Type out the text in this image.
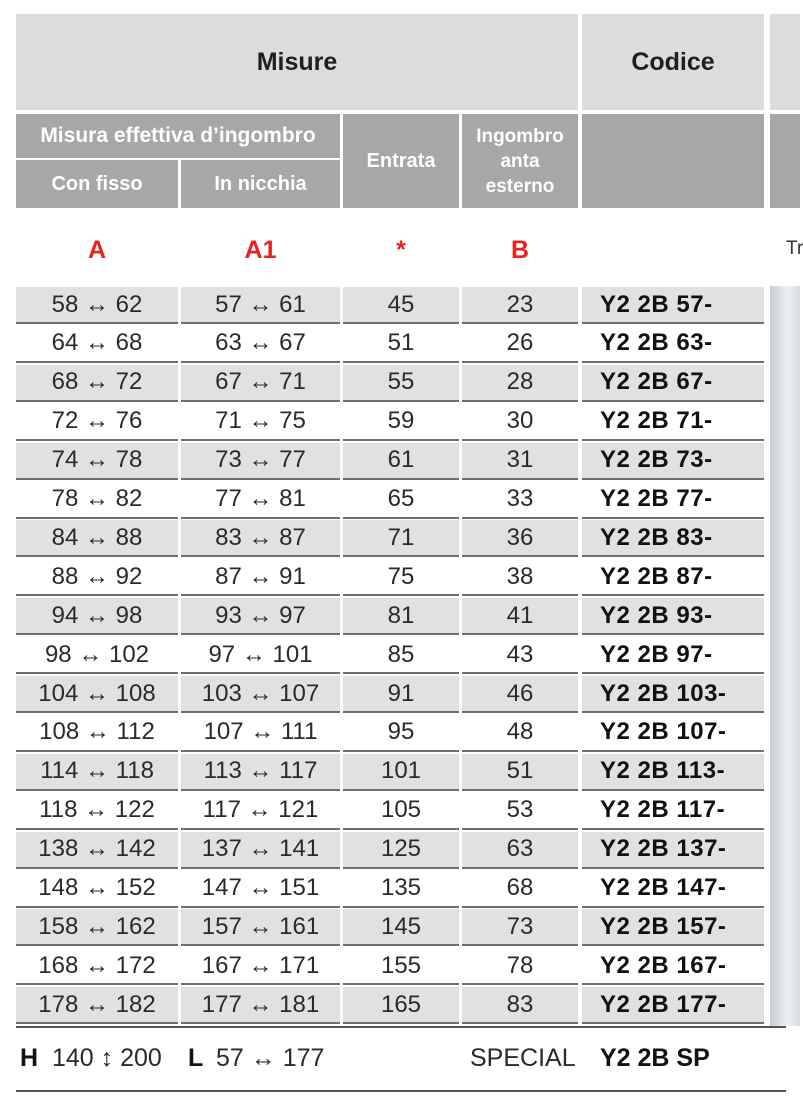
Misure	Codice
Misura effettiva d’ingombro
Con fisso	In nicchia
Entrata
Ingombro anta esterno
A	A1	*	B	Tr
58 ↔ 62	57 ↔ 61	45	23	Y2 2B 57-
64 ↔ 68	63 ↔ 67	51	26	Y2 2B 63-
68 ↔ 72	67 ↔ 71	55	28	Y2 2B 67-
72 ↔ 76	71 ↔ 75	59	30	Y2 2B 71-
74 ↔ 78	73 ↔ 77	61	31	Y2 2B 73-
78 ↔ 82	77 ↔ 81	65	33	Y2 2B 77-
84 ↔ 88	83 ↔ 87	71	36	Y2 2B 83-
88 ↔ 92	87 ↔ 91	75	38	Y2 2B 87-
94 ↔ 98	93 ↔ 97	81	41	Y2 2B 93-
98 ↔ 102	97 ↔ 101	85	43	Y2 2B 97-
104 ↔ 108	103 ↔ 107	91	46	Y2 2B 103-
108 ↔ 112	107 ↔ 111	95	48	Y2 2B 107-
114 ↔ 118	113 ↔ 117	101	51	Y2 2B 113-
118 ↔ 122	117 ↔ 121	105	53	Y2 2B 117-
138 ↔ 142	137 ↔ 141	125	63	Y2 2B 137-
148 ↔ 152	147 ↔ 151	135	68	Y2 2B 147-
158 ↔ 162	157 ↔ 161	145	73	Y2 2B 157-
168 ↔ 172	167 ↔ 171	155	78	Y2 2B 167-
178 ↔ 182	177 ↔ 181	165	83	Y2 2B 177-
H 140 ↕ 200 L 57 ↔ 177	SPECIAL Y2 2B SP
